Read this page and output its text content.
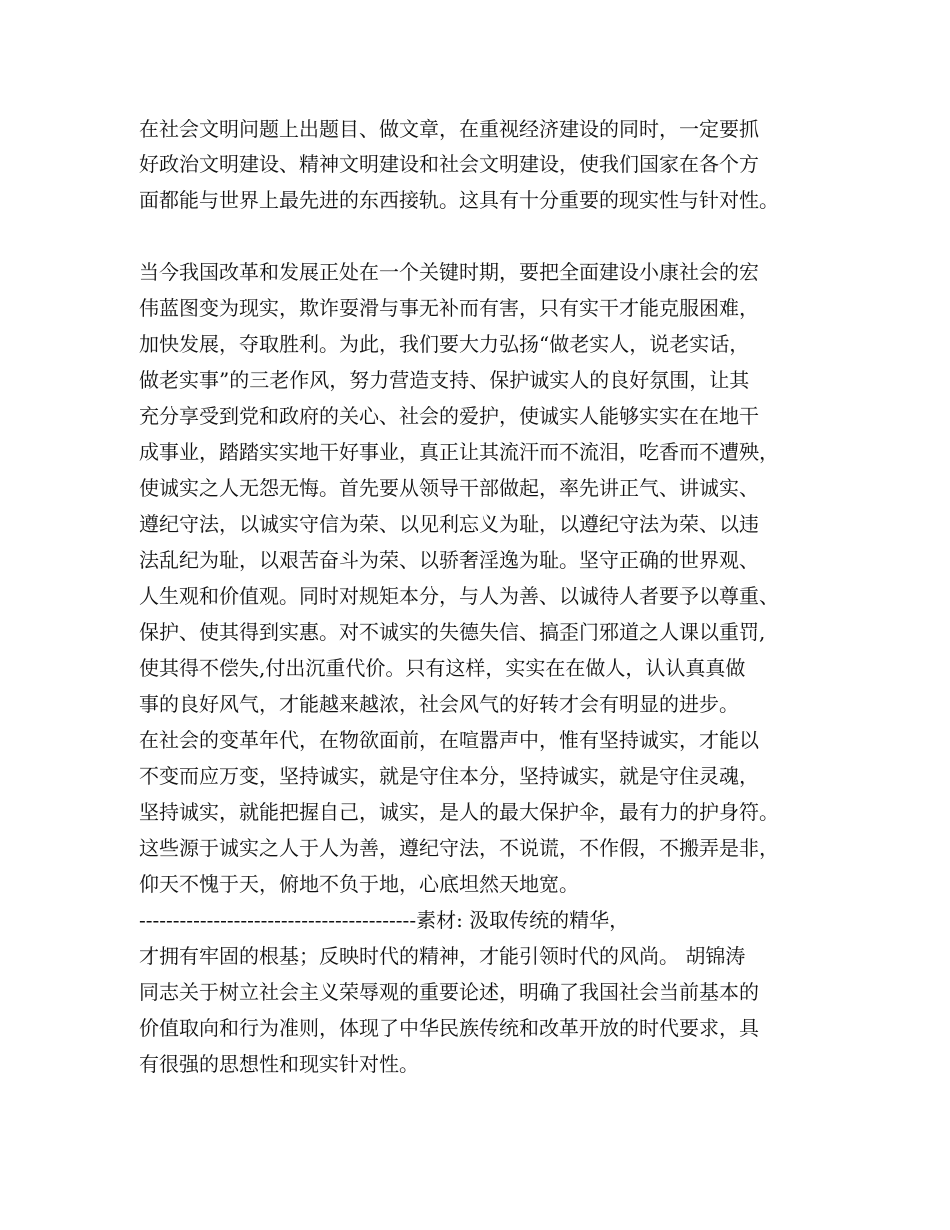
在社会文明问题上出题目、做文章，在重视经济建设的同时，一定要抓
好政治文明建设、精神文明建设和社会文明建设，使我们国家在各个方
面都能与世界上最先进的东西接轨。这具有十分重要的现实性与针对性。
当今我国改革和发展正处在一个关键时期，要把全面建设小康社会的宏
伟蓝图变为现实，欺诈耍滑与事无补而有害，只有实干才能克服困难，
加快发展，夺取胜利。为此，我们要大力弘扬“做老实人，说老实话，
做老实事”的三老作风，努力营造支持、保护诚实人的良好氛围，让其
充分享受到党和政府的关心、社会的爱护，使诚实人能够实实在在地干
成事业，踏踏实实地干好事业，真正让其流汗而不流泪，吃香而不遭殃，
使诚实之人无怨无悔。首先要从领导干部做起，率先讲正气、讲诚实、
遵纪守法，以诚实守信为荣、以见利忘义为耻，以遵纪守法为荣、以违
法乱纪为耻，以艰苦奋斗为荣、以骄奢淫逸为耻。坚守正确的世界观、
人生观和价值观。同时对规矩本分，与人为善、以诚待人者要予以尊重、
保护、使其得到实惠。对不诚实的失德失信、搞歪门邪道之人课以重罚,
使其得不偿失,付出沉重代价。只有这样，实实在在做人，认认真真做
事的良好风气，才能越来越浓，社会风气的好转才会有明显的进步。
在社会的变革年代，在物欲面前，在喧嚣声中，惟有坚持诚实，才能以
不变而应万变，坚持诚实，就是守住本分，坚持诚实，就是守住灵魂，
坚持诚实，就能把握自己，诚实，是人的最大保护伞，最有力的护身符。
这些源于诚实之人于人为善，遵纪守法，不说谎，不作假，不搬弄是非，
仰天不愧于天，俯地不负于地，心底坦然天地宽。
-----------------------------------------素材: 汲取传统的精华，
才拥有牢固的根基；反映时代的精神，才能引领时代的风尚。 胡锦涛
同志关于树立社会主义荣辱观的重要论述，明确了我国社会当前基本的
价值取向和行为准则，体现了中华民族传统和改革开放的时代要求，具
有很强的思想性和现实针对性。
